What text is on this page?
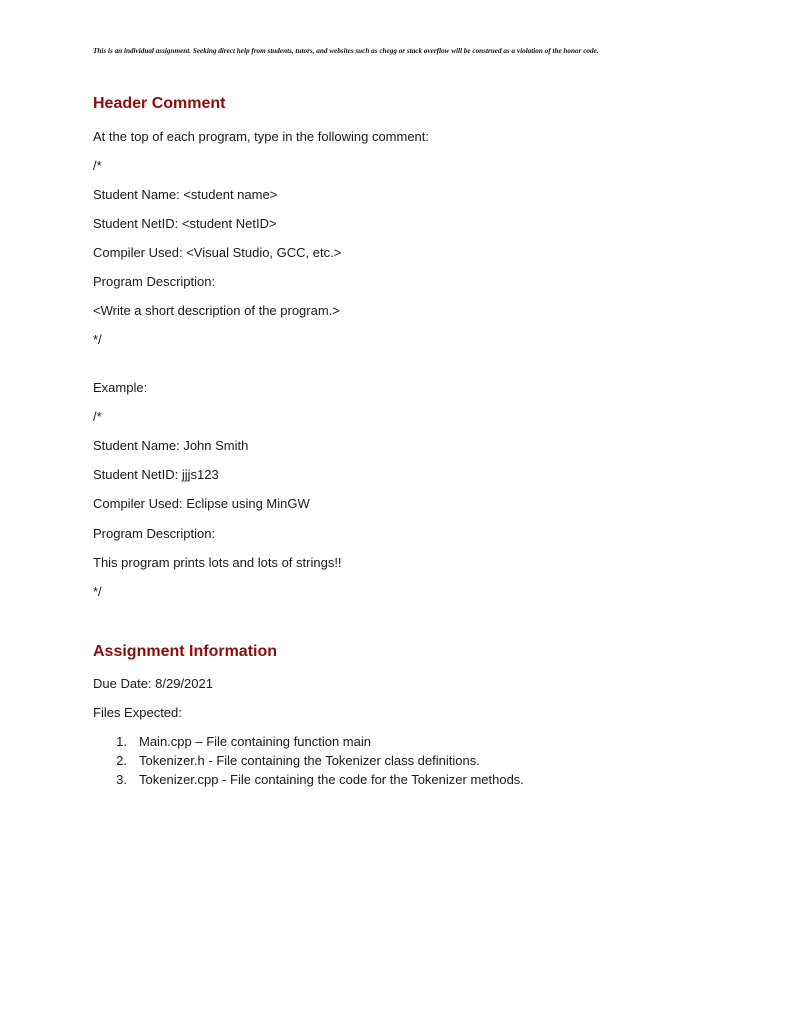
This is an individual assignment. Seeking direct help from students, tutors, and websites such as chegg or stack overflow will be construed as a violation of the honor code.
Header Comment
At the top of each program, type in the following comment:
/*
Student Name: <student name>
Student NetID: <student NetID>
Compiler Used: <Visual Studio, GCC, etc.>
Program Description:
<Write a short description of the program.>
*/
Example:
/*
Student Name: John Smith
Student NetID: jjjs123
Compiler Used: Eclipse using MinGW
Program Description:
This program prints lots and lots of strings!!
*/
Assignment Information
Due Date: 8/29/2021
Files Expected:
1. Main.cpp – File containing function main
2. Tokenizer.h - File containing the Tokenizer class definitions.
3. Tokenizer.cpp - File containing the code for the Tokenizer methods.
